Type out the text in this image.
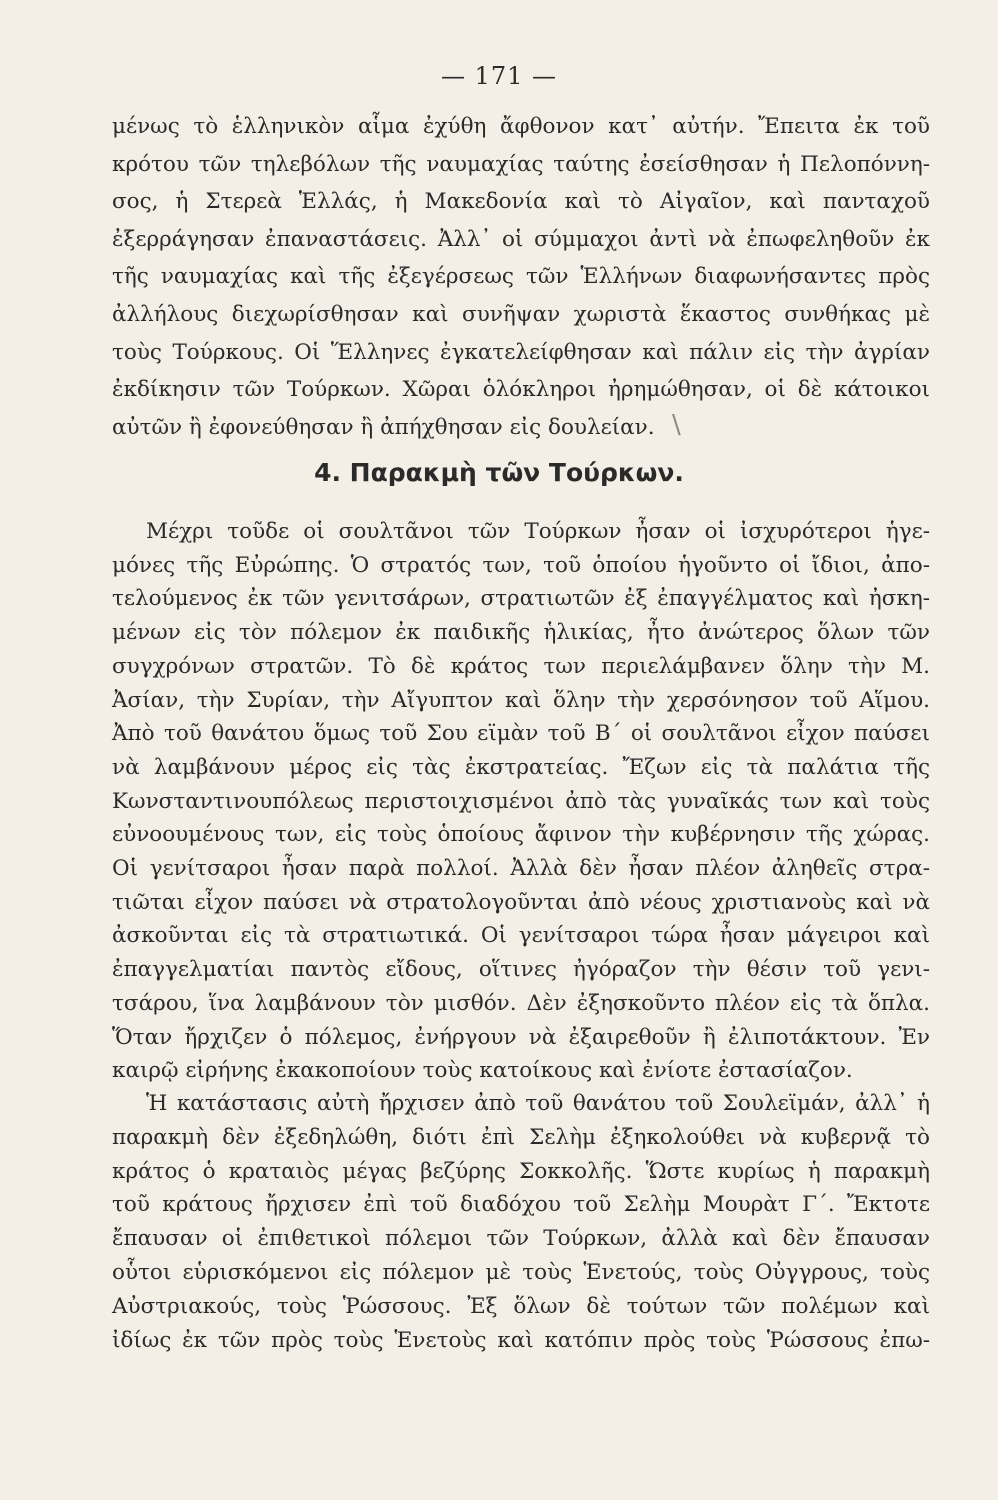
— 171 —
μένως τὸ ἑλληνικὸν αἷμα ἐχύθη ἄφθονον κατ᾽ αὐτήν. Ἔπειτα ἐκ τοῦ
κρότου τῶν τηλεβόλων τῆς ναυμαχίας ταύτης ἐσείσθησαν ἡ Πελοπόννη-
σος, ἡ Στερεὰ Ἑλλάς, ἡ Μακεδονία καὶ τὸ Αἰγαῖον, καὶ πανταχοῦ
ἐξερράγησαν ἐπαναστάσεις. Ἀλλ᾽ οἱ σύμμαχοι ἀντὶ νὰ ἐπωφεληθοῦν ἐκ
τῆς ναυμαχίας καὶ τῆς ἐξεγέρσεως τῶν Ἑλλήνων διαφωνήσαντες πρὸς
ἀλλήλους διεχωρίσθησαν καὶ συνῆψαν χωριστὰ ἕκαστος συνθήκας μὲ
τοὺς Τούρκους. Οἱ Ἕλληνες ἐγκατελείφθησαν καὶ πάλιν εἰς τὴν ἀγρίαν
ἐκδίκησιν τῶν Τούρκων. Χῶραι ὁλόκληροι ἠρημώθησαν, οἱ δὲ κάτοικοι
αὐτῶν ἢ ἐφονεύθησαν ἢ ἀπήχθησαν εἰς δουλείαν. \
4. Παρακμὴ τῶν Τούρκων.
Μέχρι τοῦδε οἱ σουλτᾶνοι τῶν Τούρκων ἦσαν οἱ ἰσχυρότεροι ἡγε-
μόνες τῆς Εὐρώπης. Ὁ στρατός των, τοῦ ὁποίου ἡγοῦντο οἱ ἴδιοι, ἀπο-
τελούμενος ἐκ τῶν γενιτσάρων, στρατιωτῶν ἐξ ἐπαγγέλματος καὶ ἠσκη-
μένων εἰς τὸν πόλεμον ἐκ παιδικῆς ἡλικίας, ἦτο ἀνώτερος ὅλων τῶν
συγχρόνων στρατῶν. Τὸ δὲ κράτος των περιελάμβανεν ὅλην τὴν Μ.
Ἀσίαν, τὴν Συρίαν, τὴν Αἴγυπτον καὶ ὅλην τὴν χερσόνησον τοῦ Αἵμου.
Ἀπὸ τοῦ θανάτου ὅμως τοῦ Σου εϊμὰν τοῦ Β´ οἱ σουλτᾶνοι εἶχον παύσει
νὰ λαμβάνουν μέρος εἰς τὰς ἐκστρατείας. Ἔζων εἰς τὰ παλάτια τῆς
Κωνσταντινουπόλεως περιστοιχισμένοι ἀπὸ τὰς γυναῖκάς των καὶ τοὺς
εὐνοουμένους των, εἰς τοὺς ὁποίους ἄφινον τὴν κυβέρνησιν τῆς χώρας.
Οἱ γενίτσαροι ἦσαν παρὰ πολλοί. Ἀλλὰ δὲν ἦσαν πλέον ἀληθεῖς στρα-
τιῶται εἶχον παύσει νὰ στρατολογοῦνται ἀπὸ νέους χριστιανοὺς καὶ νὰ
ἀσκοῦνται εἰς τὰ στρατιωτικά. Οἱ γενίτσαροι τώρα ἦσαν μάγειροι καὶ
ἐπαγγελματίαι παντὸς εἴδους, οἵτινες ἠγόραζον τὴν θέσιν τοῦ γενι-
τσάρου, ἵνα λαμβάνουν τὸν μισθόν. Δὲν ἐξησκοῦντο πλέον εἰς τὰ ὅπλα.
Ὅταν ἤρχιζεν ὁ πόλεμος, ἐνήργουν νὰ ἐξαιρεθοῦν ἢ ἐλιποτάκτουν. Ἐν
καιρῷ εἰρήνης ἐκακοποίουν τοὺς κατοίκους καὶ ἐνίοτε ἐστασίαζον.
Ἡ κατάστασις αὐτὴ ἤρχισεν ἀπὸ τοῦ θανάτου τοῦ Σουλεϊμάν, ἀλλ᾽ ἡ
παρακμὴ δὲν ἐξεδηλώθη, διότι ἐπὶ Σελὴμ ἐξηκολούθει νὰ κυβερνᾷ τὸ
κράτος ὁ κραταιὸς μέγας βεζύρης Σοκκολῆς. Ὥστε κυρίως ἡ παρακμὴ
τοῦ κράτους ἤρχισεν ἐπὶ τοῦ διαδόχου τοῦ Σελὴμ Μουρὰτ Γ´. Ἔκτοτε
ἔπαυσαν οἱ ἐπιθετικοὶ πόλεμοι τῶν Τούρκων, ἀλλὰ καὶ δὲν ἔπαυσαν
οὗτοι εὑρισκόμενοι εἰς πόλεμον μὲ τοὺς Ἑνετούς, τοὺς Οὐγγρους, τοὺς
Αὐστριακούς, τοὺς Ῥώσσους. Ἐξ ὅλων δὲ τούτων τῶν πολέμων καὶ
ἰδίως ἐκ τῶν πρὸς τοὺς Ἑνετοὺς καὶ κατόπιν πρὸς τοὺς Ῥώσσους ἐπω-
